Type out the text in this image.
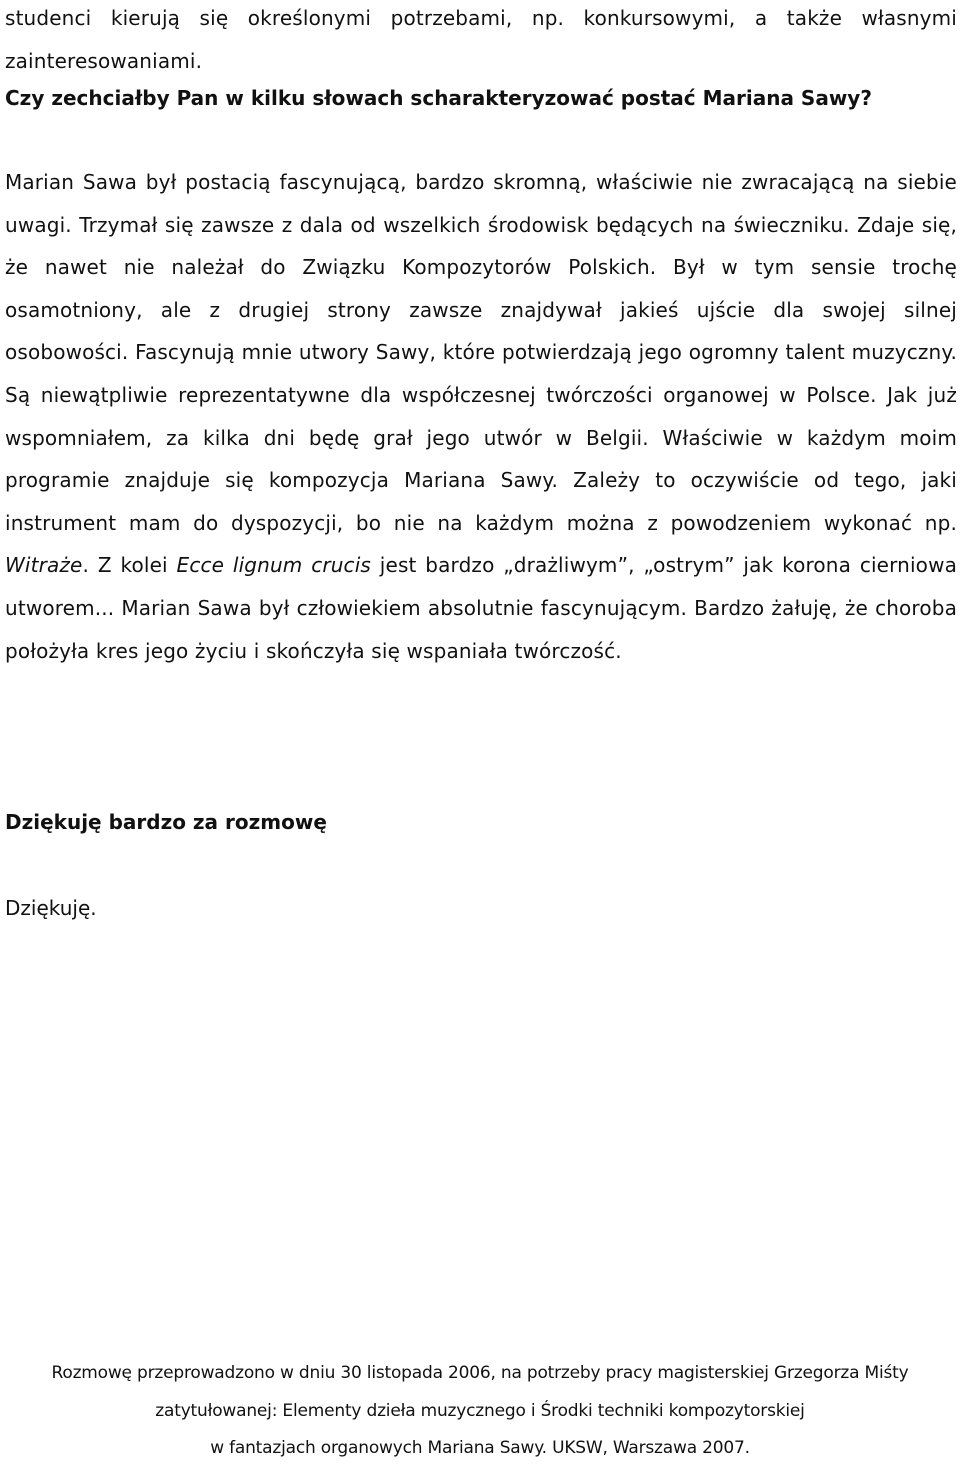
studenci kierują się określonymi potrzebami, np. konkursowymi, a także własnymi zainteresowaniami.

Czy zechciałby Pan w kilku słowach scharakteryzować postać Mariana Sawy?

Marian Sawa był postacią fascynującą, bardzo skromną, właściwie nie zwracającą na siebie uwagi. Trzymał się zawsze z dala od wszelkich środowisk będących na świeczniku. Zdaje się, że nawet nie należał do Związku Kompozytorów Polskich. Był w tym sensie trochę osamotniony, ale z drugiej strony zawsze znajdywał jakieś ujście dla swojej silnej osobowości. Fascynują mnie utwory Sawy, które potwierdzają jego ogromny talent muzyczny. Są niewątpliwie reprezentatywne dla współczesnej twórczości organowej w Polsce. Jak już wspomniałem, za kilka dni będę grał jego utwór w Belgii. Właściwie w każdym moim programie znajduje się kompozycja Mariana Sawy. Zależy to oczywiście od tego, jaki instrument mam do dyspozycji, bo nie na każdym można z powodzeniem wykonać np. Witraże. Z kolei Ecce lignum crucis jest bardzo „drażliwym”, „ostrym” jak korona cierniowa utworem... Marian Sawa był człowiekiem absolutnie fascynującym. Bardzo żałuję, że choroba położyła kres jego życiu i skończyła się wspaniała twórczość.

Dziękuję bardzo za rozmowę

Dziękuję.

Rozmowę przeprowadzono w dniu 30 listopada 2006, na potrzeby pracy magisterskiej Grzegorza Miśty
zatytułowanej: Elementy dzieła muzycznego i Środki techniki kompozytorskiej
w fantazjach organowych Mariana Sawy. UKSW, Warszawa 2007.
